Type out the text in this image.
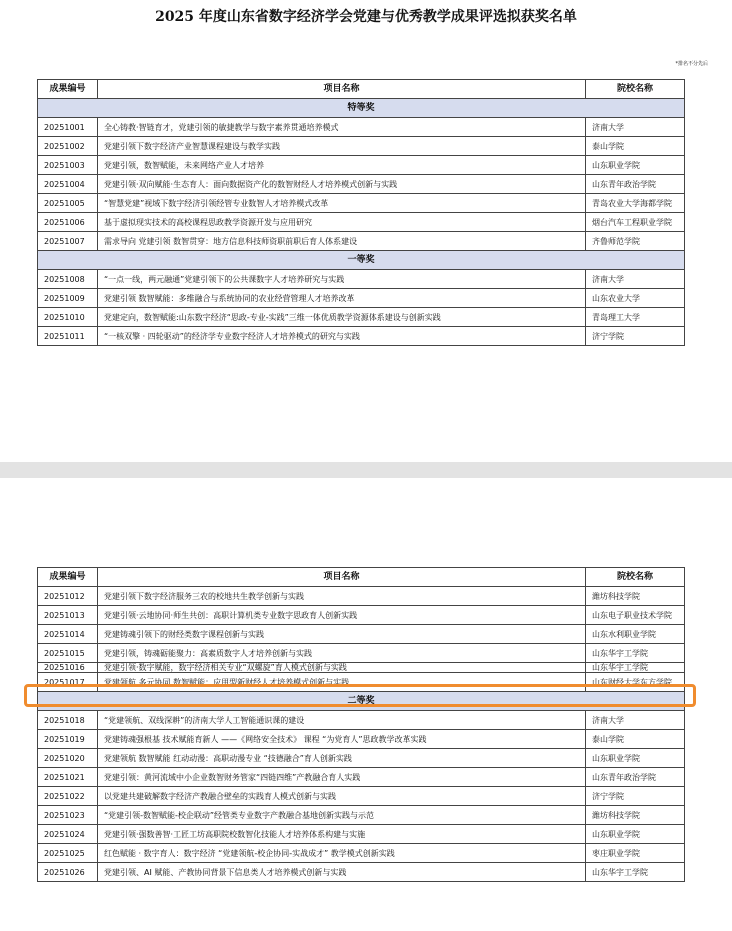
2025 年度山东省数字经济学会党建与优秀教学成果评选拟获奖名单
*排名不分先后
成果编号	项目名称	院校名称
特等奖		
20251001	全心铸教·智链育才，党建引领的敏捷教学与数字素养贯通培养模式	济南大学
20251002	党建引领下数字经济产业智慧课程建设与教学实践	泰山学院
20251003	党建引领，数智赋能，未来网络产业人才培养	山东职业学院
20251004	党建引领·双向赋能·生态育人：面向数据资产化的数智财经人才培养模式创新与实践	山东青年政治学院
20251005	“智慧党建”视域下数字经济引领经管专业数智人才培养模式改革	青岛农业大学海都学院
20251006	基于虚拟现实技术的高校课程思政教学资源开发与应用研究	烟台汽车工程职业学院
20251007	需求导向 党建引领 数智贯穿：地方信息科技师资职前职后育人体系建设	齐鲁师范学院
一等奖		
20251008	“一点一线，两元融通”党建引领下的公共课数字人才培养研究与实践	济南大学
20251009	党建引领 数智赋能：多维融合与系统协同的农业经营管理人才培养改革	山东农业大学
20251010	党建定向，数智赋能:山东数字经济“思政-专业-实践”三维一体优质教学资源体系建设与创新实践	青岛理工大学
20251011	“一核双擎 · 四轮驱动”的经济学专业数字经济人才培养模式的研究与实践	济宁学院
成果编号	项目名称	院校名称
20251012	党建引领下数字经济服务三农的校地共生教学创新与实践	潍坊科技学院
20251013	党建引领·云地协同·师生共创：高职计算机类专业数字思政育人创新实践	山东电子职业技术学院
20251014	党建铸魂引领下的财经类数字课程创新与实践	山东水利职业学院
20251015	党建引领，铸魂砺能聚力：高素质数字人才培养创新与实践	山东华宇工学院
20251016	党建引领·数字赋能，数字经济相关专业“双螺旋”育人模式创新与实践	山东华宇工学院
20251017	党建领航 多元协同 数智赋能：应用型新财经人才培养模式创新与实践	山东财经大学东方学院
二等奖		
20251018	“党建领航、双线深耕”的济南大学人工智能通识课的建设	济南大学
20251019	党建铸魂强根基 技术赋能育新人 ——《网络安全技术》 课程 “为党育人”思政教学改革实践	泰山学院
20251020	党建领航 数智赋能 红动动漫：高职动漫专业 “技德融合”育人创新实践	山东职业学院
20251021	党建引领：黄河流域中小企业数智财务管家“四链四维”产教融合育人实践	山东青年政治学院
20251022	以党建共建破解数字经济产教融合壁垒的实践育人模式创新与实践	济宁学院
20251023	“党建引领-数智赋能-校企联动”经管类专业数字产教融合基地创新实践与示范	潍坊科技学院
20251024	党建引领·强数善智·工匠工坊高职院校数智化技能人才培养体系构建与实施	山东职业学院
20251025	红色赋能 · 数字育人：数字经济 “党建领航-校企协同-实战成才” 教学模式创新实践	枣庄职业学院
20251026	党建引领、AI 赋能、产教协同背景下信息类人才培养模式创新与实践	山东华宇工学院
